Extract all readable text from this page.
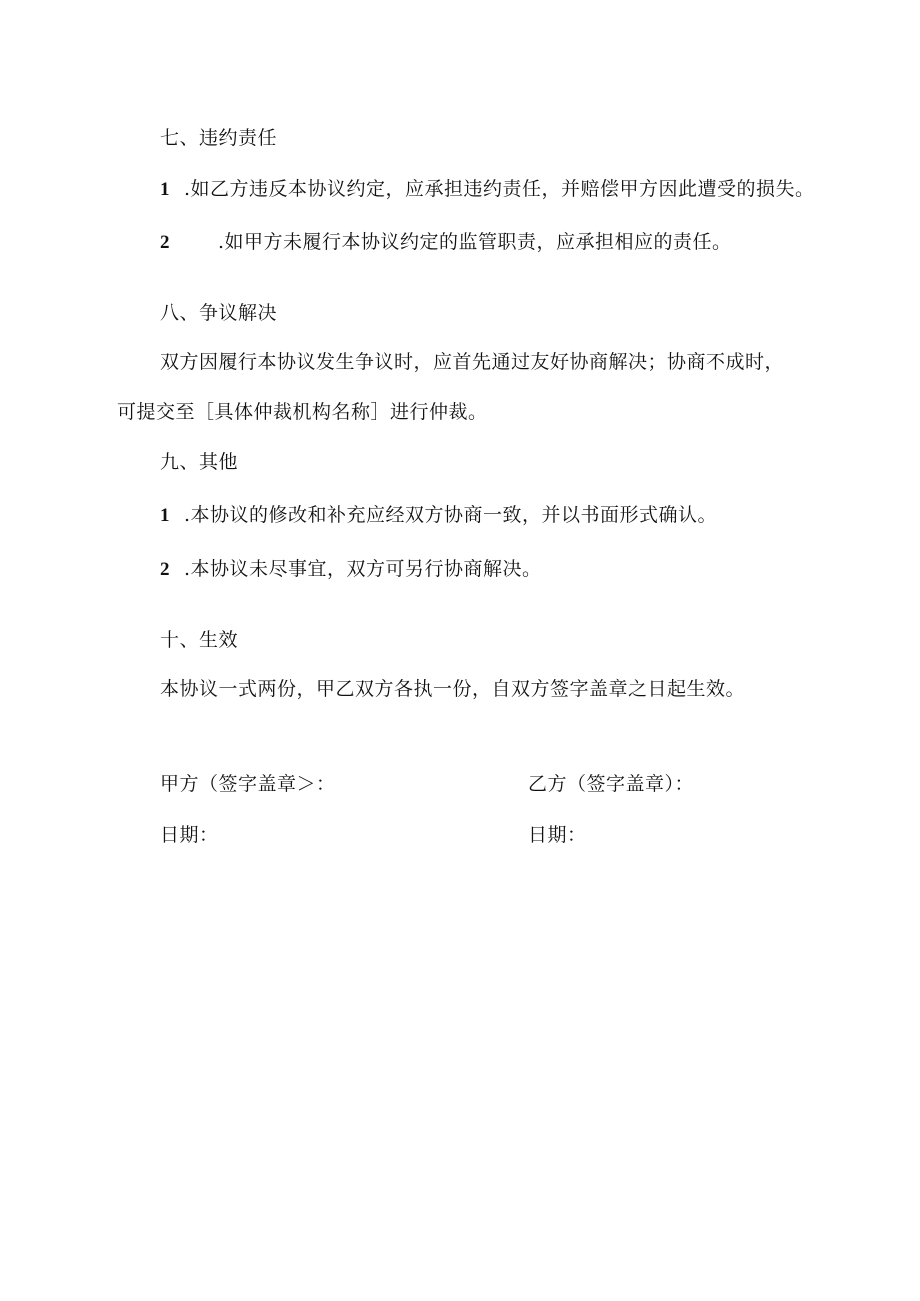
七、违约责任
1 .如乙方违反本协议约定，应承担违约责任，并赔偿甲方因此遭受的损失。
2	.如甲方未履行本协议约定的监管职责，应承担相应的责任。
八、争议解决
双方因履行本协议发生争议时，应首先通过友好协商解决；协商不成时，
可提交至［具体仲裁机构名称］进行仲裁。
九、其他
1 .本协议的修改和补充应经双方协商一致，并以书面形式确认。
2 .本协议未尽事宜，双方可另行协商解决。
十、生效
本协议一式两份，甲乙双方各执一份，自双方签字盖章之日起生效。
甲方（签字盖章＞：	乙方（签字盖章）：
日期：	日期：
